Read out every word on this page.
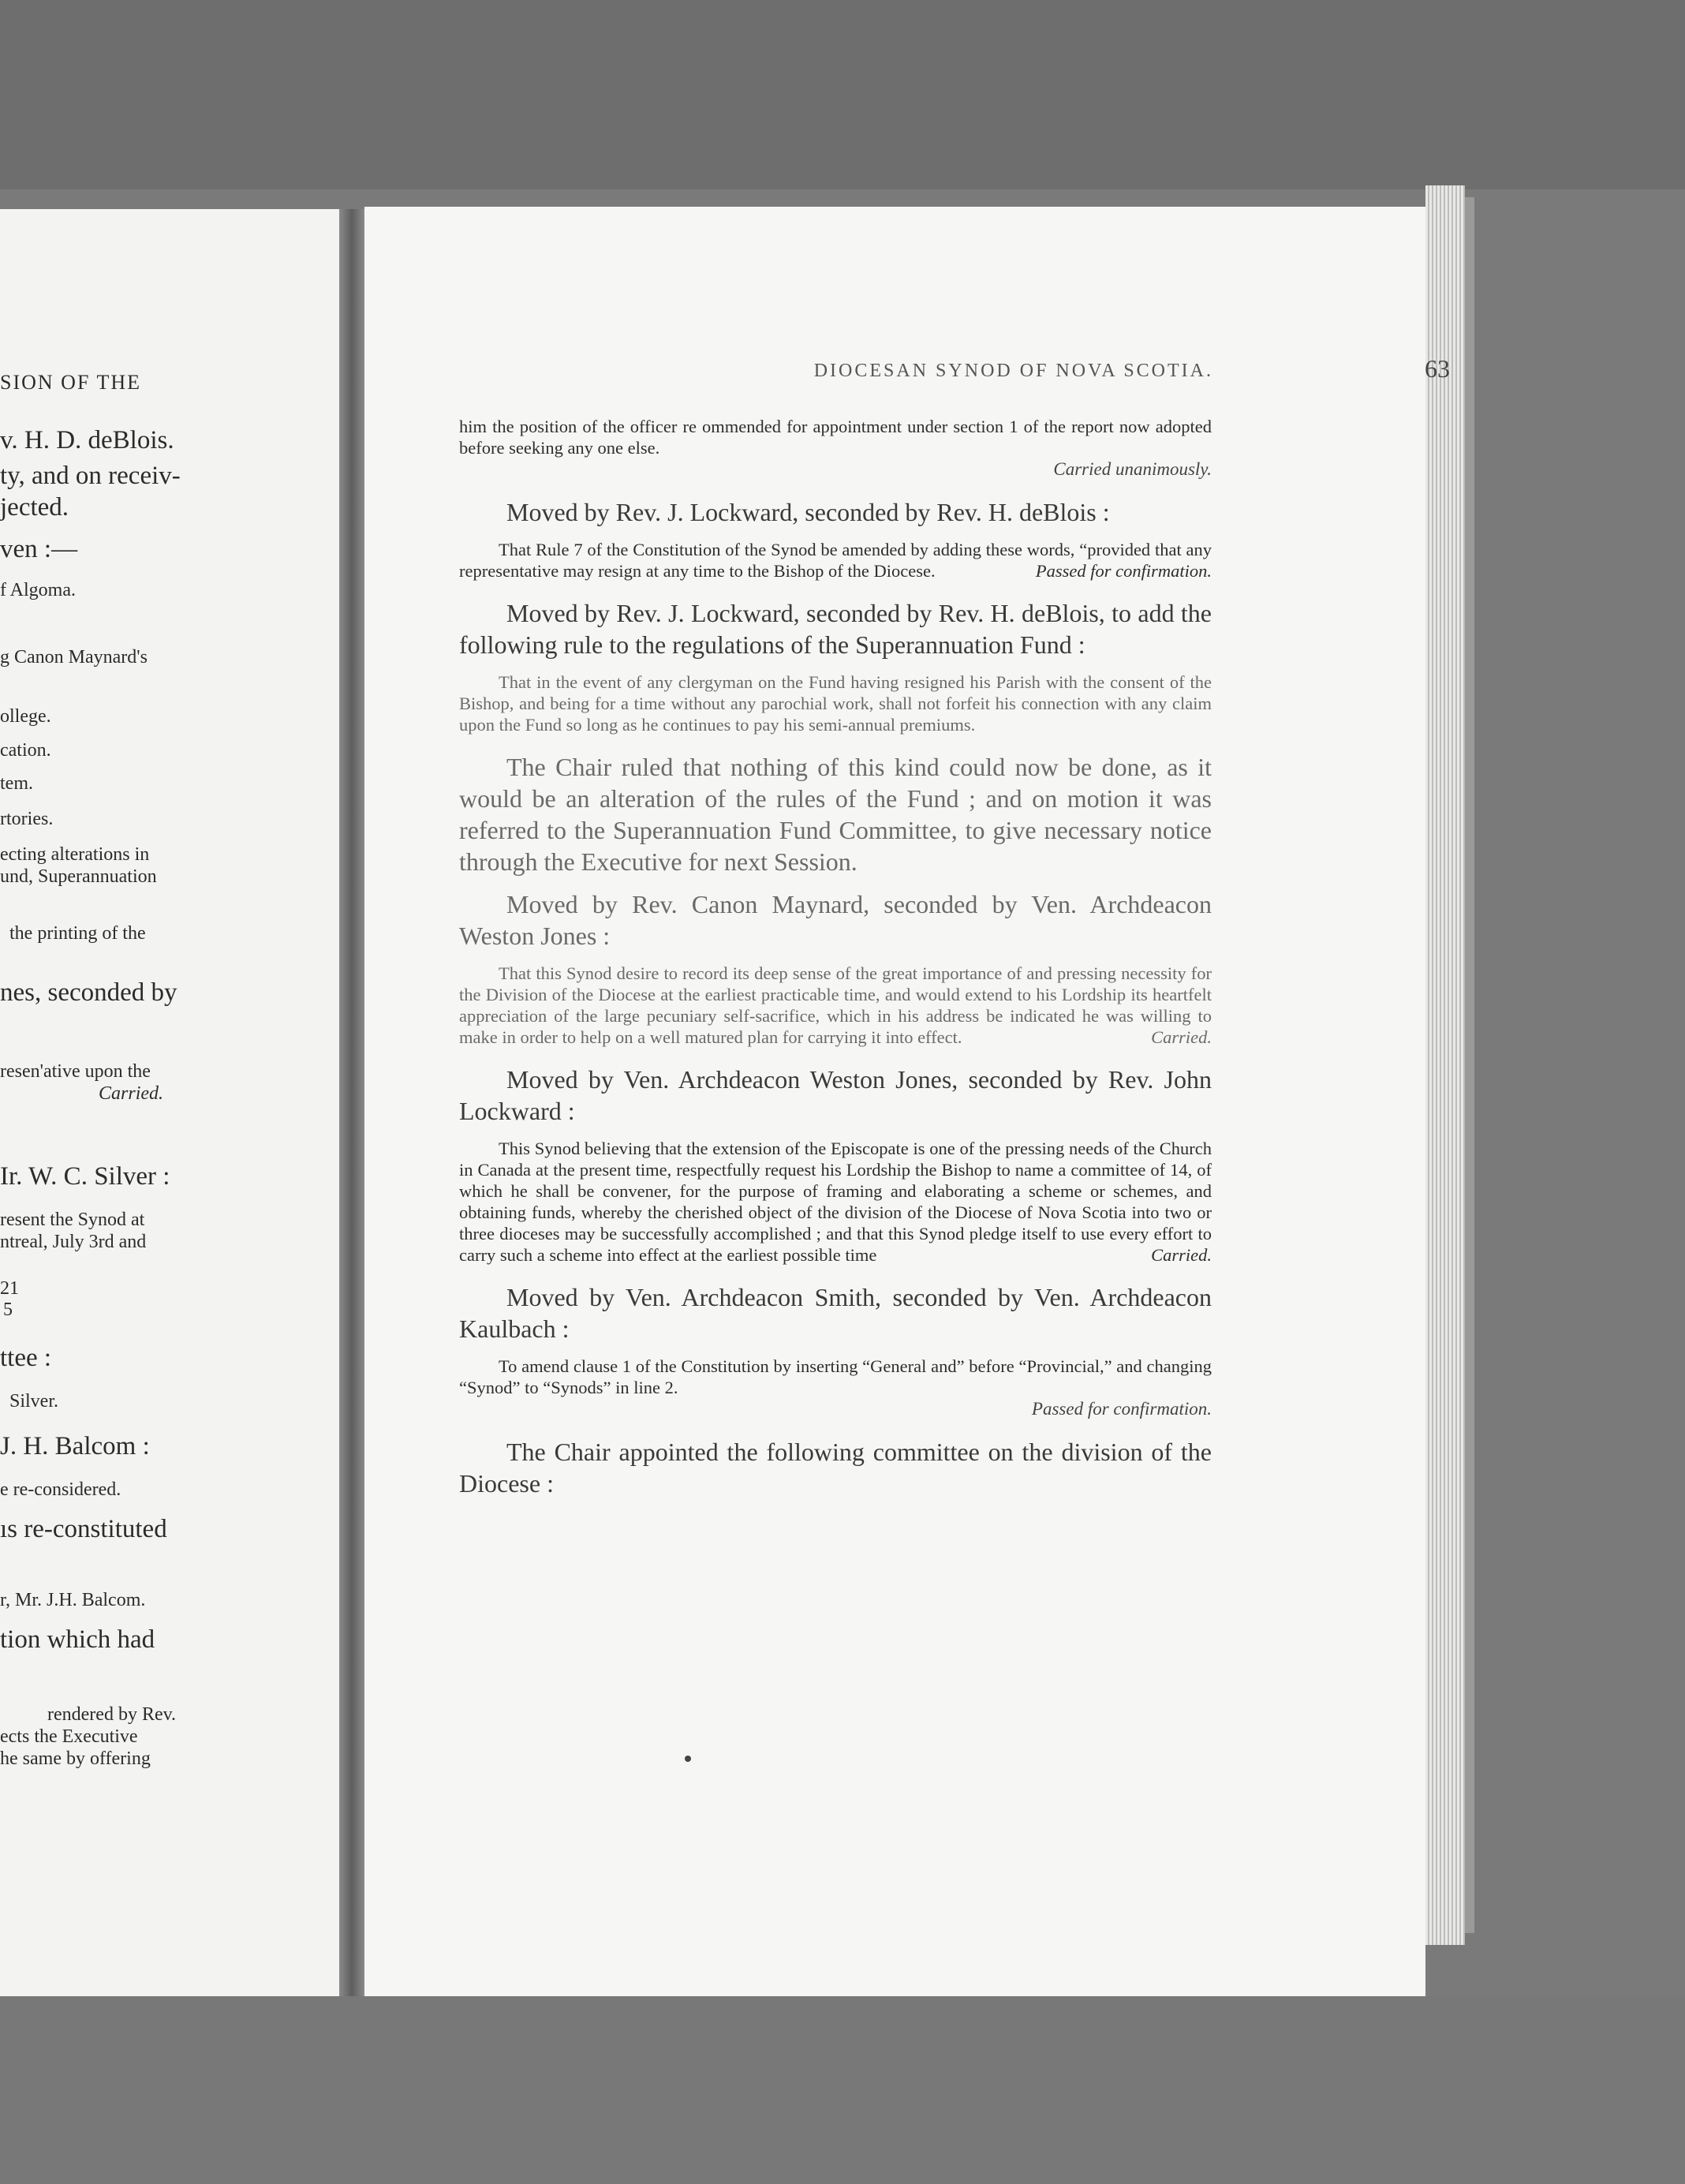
SION OF THE
v. H. D. deBlois.
ty, and on receiv-
jected.
ven :—
f Algoma.
g Canon Maynard's
ollege.
cation.
tem.
rtories.
ecting alterations in
und, Superannuation
the printing of the
nes, seconded by
resen'ative upon the
Carried.
Ir. W. C. Silver :
resent the Synod at
ntreal, July 3rd and
21
5
ttee :
Silver.
J. H. Balcom :
e re-considered.
ıs re-constituted
r, Mr. J.H. Balcom.
tion which had
rendered by Rev.
ects the Executive
he same by offering
DIOCESAN SYNOD OF NOVA SCOTIA.	63

him the position of the officer re ommended for appointment under section 1 of the report now adopted before seeking any one else.

Carried unanimously.

Moved by Rev. J. Lockward, seconded by Rev. H. deBlois :

That Rule 7 of the Constitution of the Synod be amended by adding these words, “provided that any representative may resign at any time to the Bishop of the Diocese.	Passed for confirmation.

Moved by Rev. J. Lockward, seconded by Rev. H. deBlois, to add the following rule to the regulations of the Superannuation Fund :

That in the event of any clergyman on the Fund having resigned his Parish with the consent of the Bishop, and being for a time without any parochial work, shall not forfeit his connection with any claim upon the Fund so long as he continues to pay his semi-annual premiums.

The Chair ruled that nothing of this kind could now be done, as it would be an alteration of the rules of the Fund ; and on motion it was referred to the Superannuation Fund Committee, to give necessary notice through the Executive for next Session.

Moved by Rev. Canon Maynard, seconded by Ven. Archdeacon Weston Jones :

That this Synod desire to record its deep sense of the great importance of and pressing necessity for the Division of the Diocese at the earliest practicable time, and would extend to his Lordship its heartfelt appreciation of the large pecuniary self-sacrifice, which in his address be indicated he was willing to make in order to help on a well matured plan for carrying it into effect.	Carried.

Moved by Ven. Archdeacon Weston Jones, seconded by Rev. John Lockward :

This Synod believing that the extension of the Episcopate is one of the pressing needs of the Church in Canada at the present time, respectfully request his Lordship the Bishop to name a committee of 14, of which he shall be convener, for the purpose of framing and elaborating a scheme or schemes, and obtaining funds, whereby the cherished object of the division of the Diocese of Nova Scotia into two or three dioceses may be successfully accomplished ; and that this Synod pledge itself to use every effort to carry such a scheme into effect at the earliest possible time	Carried.

Moved by Ven. Archdeacon Smith, seconded by Ven. Archdeacon Kaulbach :

To amend clause 1 of the Constitution by inserting “General and” before “Provincial,” and changing “Synod” to “Synods” in line 2.

Passed for confirmation.

The Chair appointed the following committee on the division of the Diocese :
